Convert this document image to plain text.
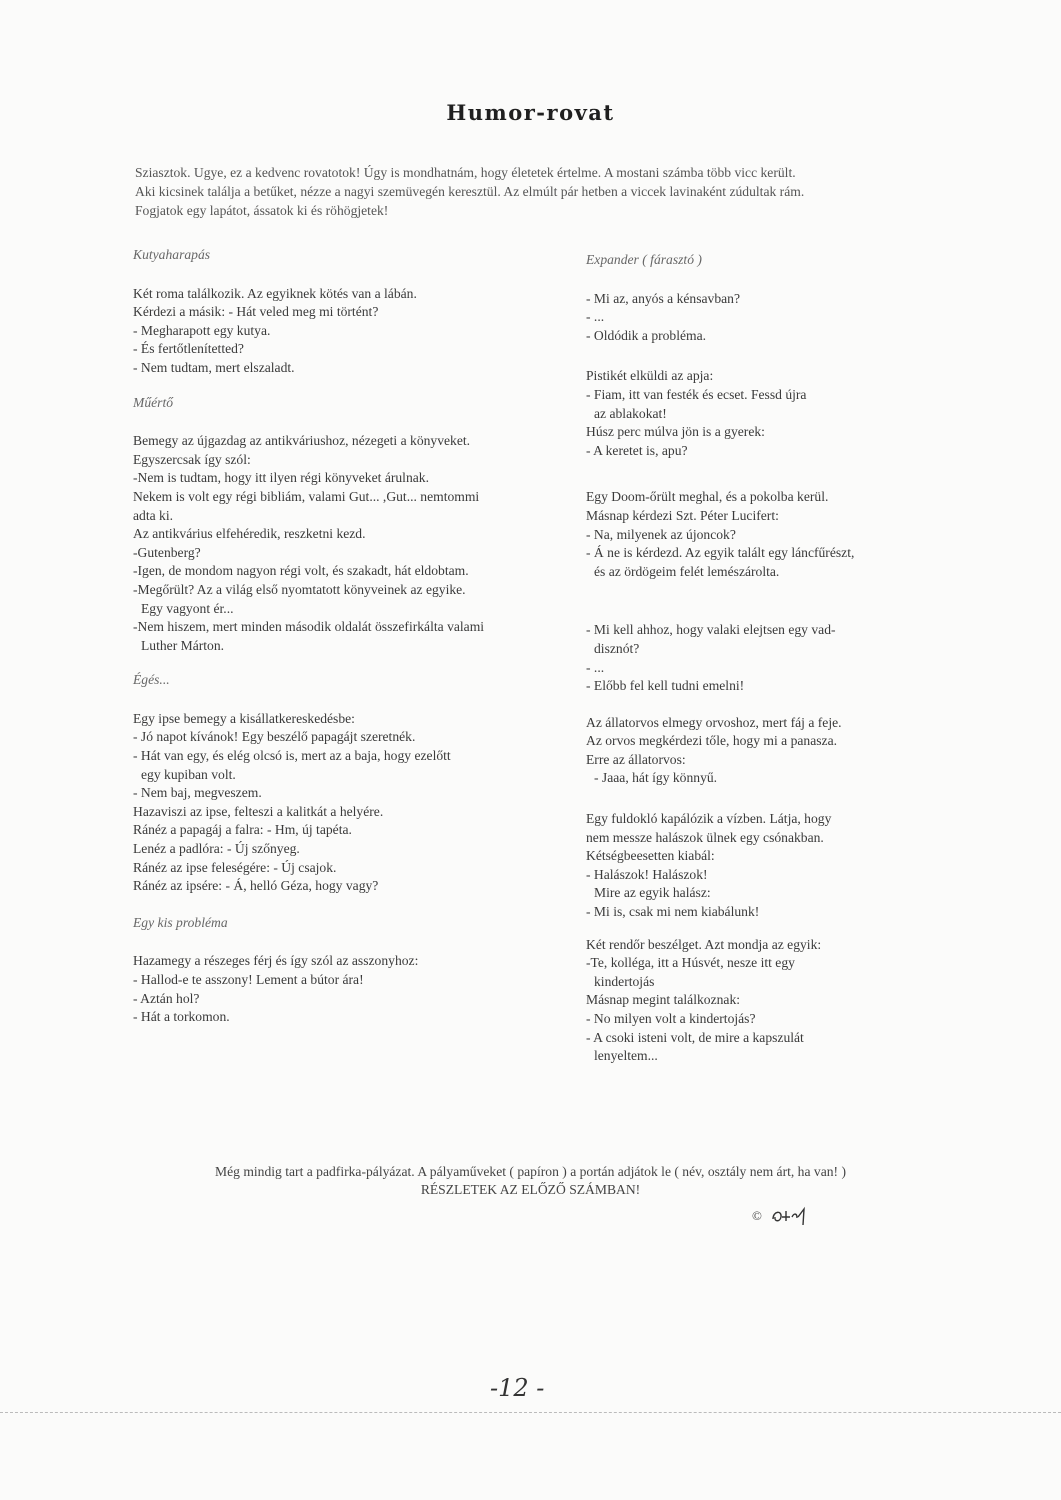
Humor-rovat
Sziasztok. Ugye, ez a kedvenc rovatotok! Úgy is mondhatnám, hogy életetek értelme. A mostani számba több vicc került.
Aki kicsinek találja a betűket, nézze a nagyi szemüvegén keresztül. Az elmúlt pár hetben a viccek lavinaként zúdultak rám.
Fogjatok egy lapátot, ássatok ki és röhögjetek!
Kutyaharapás
Két roma találkozik. Az egyiknek kötés van a lábán.
Kérdezi a másik: - Hát veled meg mi történt?
- Megharapott egy kutya.
- És fertőtlenítetted?
- Nem tudtam, mert elszaladt.
Műértő
Bemegy az újgazdag az antikváriushoz, nézegeti a könyveket.
Egyszercsak így szól:
-Nem is tudtam, hogy itt ilyen régi könyveket árulnak.
Nekem is volt egy régi bibliám, valami Gut... ,Gut... nemtommi
adta ki.
Az antikvárius elfehéredik, reszketni kezd.
-Gutenberg?
-Igen, de mondom nagyon régi volt, és szakadt, hát eldobtam.
-Megőrült? Az a világ első nyomtatott könyveinek az egyike.
Egy vagyont ér...
-Nem hiszem, mert minden második oldalát összefirkálta valami
Luther Márton.
Égés...
Egy ipse bemegy a kisállatkereskedésbe:
- Jó napot kívánok! Egy beszélő papagájt szeretnék.
- Hát van egy, és elég olcsó is, mert az a baja, hogy ezelőtt
egy kupiban volt.
- Nem baj, megveszem.
Hazaviszi az ipse, felteszi a kalitkát a helyére.
Ránéz a papagáj a falra: - Hm, új tapéta.
Lenéz a padlóra: - Új szőnyeg.
Ránéz az ipse feleségére: - Új csajok.
Ránéz az ipsére: - Á, helló Géza, hogy vagy?
Egy kis probléma
Hazamegy a részeges férj és így szól az asszonyhoz:
- Hallod-e te asszony! Lement a bútor ára!
- Aztán hol?
- Hát a torkomon.
Expander ( fárasztó )
- Mi az, anyós a kénsavban?
- ...
- Oldódik a probléma.
Pistikét elküldi az apja:
- Fiam, itt van festék és ecset. Fessd újra
az ablakokat!
Húsz perc múlva jön is a gyerek:
- A keretet is, apu?
Egy Doom-őrült meghal, és a pokolba kerül.
Másnap kérdezi Szt. Péter Lucifert:
- Na, milyenek az újoncok?
- Á ne is kérdezd. Az egyik talált egy láncfűrészt,
és az ördögeim felét lemészárolta.
- Mi kell ahhoz, hogy valaki elejtsen egy vad-
disznót?
- ...
- Előbb fel kell tudni emelni!
Az állatorvos elmegy orvoshoz, mert fáj a feje.
Az orvos megkérdezi tőle, hogy mi a panasza.
Erre az állatorvos:
- Jaaa, hát így könnyű.
Egy fuldokló kapálózik a vízben. Látja, hogy
nem messze halászok ülnek egy csónakban.
Kétségbeesetten kiabál:
- Halászok! Halászok!
Mire az egyik halász:
- Mi is, csak mi nem kiabálunk!
Két rendőr beszélget. Azt mondja az egyik:
-Te, kolléga, itt a Húsvét, nesze itt egy
kindertojás
Másnap megint találkoznak:
- No milyen volt a kindertojás?
- A csoki isteni volt, de mire a kapszulát
lenyeltem...
Még mindig tart a padfirka-pályázat. A pályaműveket ( papíron ) a portán adjátok le ( név, osztály nem árt, ha van! )
RÉSZLETEK AZ ELŐZŐ SZÁMBAN!
©
-12 -
